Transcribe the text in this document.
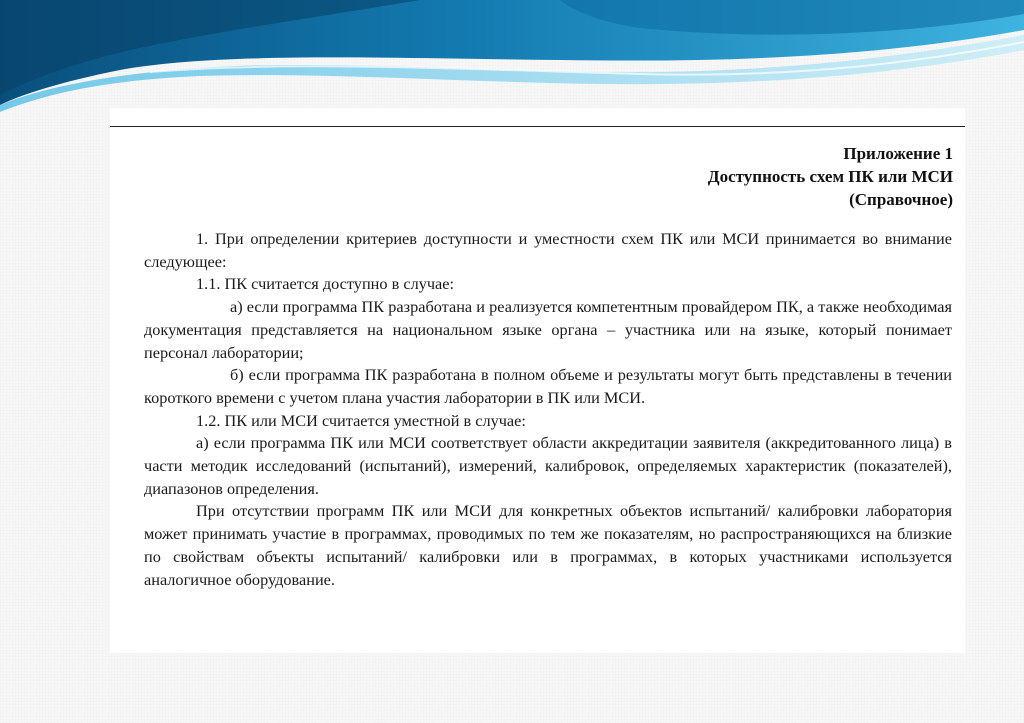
Приложение 1
Доступность схем ПК или МСИ
(Справочное)

1. При определении критериев доступности и уместности схем ПК или МСИ принимается во внимание следующее:

1.1. ПК считается доступно в случае:

а) если программа ПК разработана и реализуется компетентным провайдером ПК, а также необходимая документация представляется на национальном языке органа – участника или на языке, который понимает персонал лаборатории;

б) если программа ПК разработана в полном объеме и результаты могут быть представлены в течении короткого времени с учетом плана участия лаборатории в ПК или МСИ.

1.2. ПК или МСИ считается уместной в случае:

а) если программа ПК или МСИ соответствует области аккредитации заявителя (аккредитованного лица) в части методик исследований (испытаний), измерений, калибровок, определяемых характеристик (показателей), диапазонов определения.

При отсутствии программ ПК или МСИ для конкретных объектов испытаний/ калибровки лаборатория может принимать участие в программах, проводимых по тем же показателям, но распространяющихся на близкие по свойствам объекты испытаний/ калибровки или в программах, в которых участниками используется аналогичное оборудование.
